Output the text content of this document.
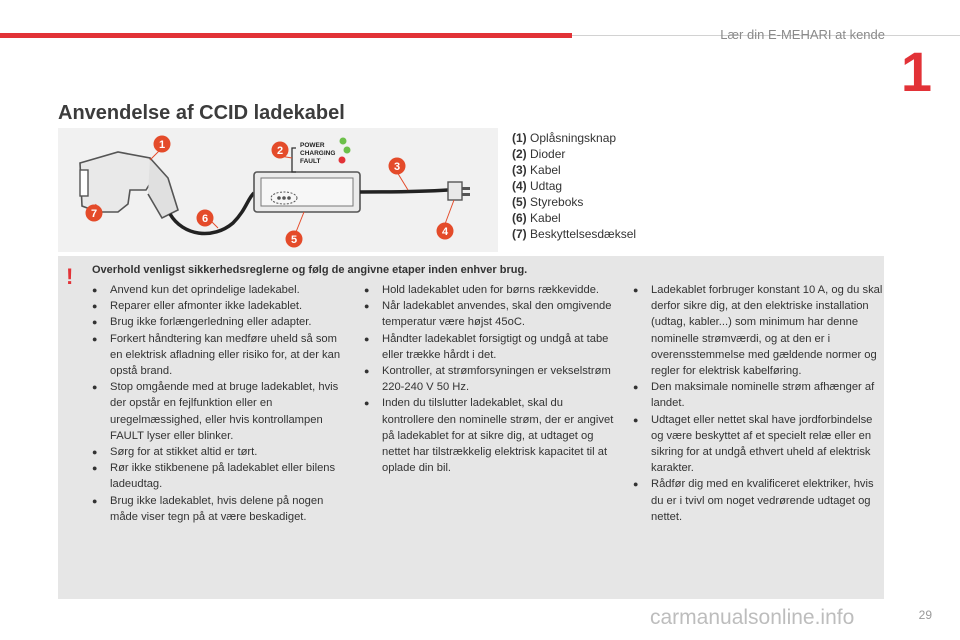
Lær din E-MEHARI at kende
1
Anvendelse af CCID ladekabel
POWER
CHARGING
FAULT
1	2
3
4
5
6
7
(1) Oplåsningsknap
(2) Dioder
(3) Kabel
(4) Udtag
(5) Styreboks
(6) Kabel
(7) Beskyttelsesdæksel
! Overhold venligst sikkerhedsreglerne og følg de angivne etaper inden enhver brug.
● Anvend kun det oprindelige ladekabel.
● Reparer eller afmonter ikke ladekablet.
● Brug ikke forlængerledning eller adapter.
● Forkert håndtering kan medføre uheld så som en elektrisk afladning eller risiko for, at der kan opstå brand.
● Stop omgående med at bruge ladekablet, hvis der opstår en fejlfunktion eller en uregelmæssighed, eller hvis kontrollampen FAULT lyser eller blinker.
● Sørg for at stikket altid er tørt.
● Rør ikke stikbenene på ladekablet eller bilens ladeudtag.
● Brug ikke ladekablet, hvis delene på nogen måde viser tegn på at være beskadiget.
● Hold ladekablet uden for børns rækkevidde.
● Når ladekablet anvendes, skal den omgivende temperatur være højst 45oC.
● Håndter ladekablet forsigtigt og undgå at tabe eller trække hårdt i det.
● Kontroller, at strømforsyningen er vekselstrøm 220-240 V 50 Hz.
● Inden du tilslutter ladekablet, skal du kontrollere den nominelle strøm, der er angivet på ladekablet for at sikre dig, at udtaget og nettet har tilstrækkelig elektrisk kapacitet til at oplade din bil.
● Ladekablet forbruger konstant 10 A, og du skal derfor sikre dig, at den elektriske installation (udtag, kabler...) som minimum har denne nominelle strømværdi, og at den er i overensstemmelse med gældende normer og regler for elektrisk kabelføring.
● Den maksimale nominelle strøm afhænger af landet.
● Udtaget eller nettet skal have jordforbindelse og være beskyttet af et specielt relæ eller en sikring for at undgå ethvert uheld af elektrisk karakter.
● Rådfør dig med en kvalificeret elektriker, hvis du er i tvivl om noget vedrørende udtaget og nettet.
carmanualsonline.info	29
